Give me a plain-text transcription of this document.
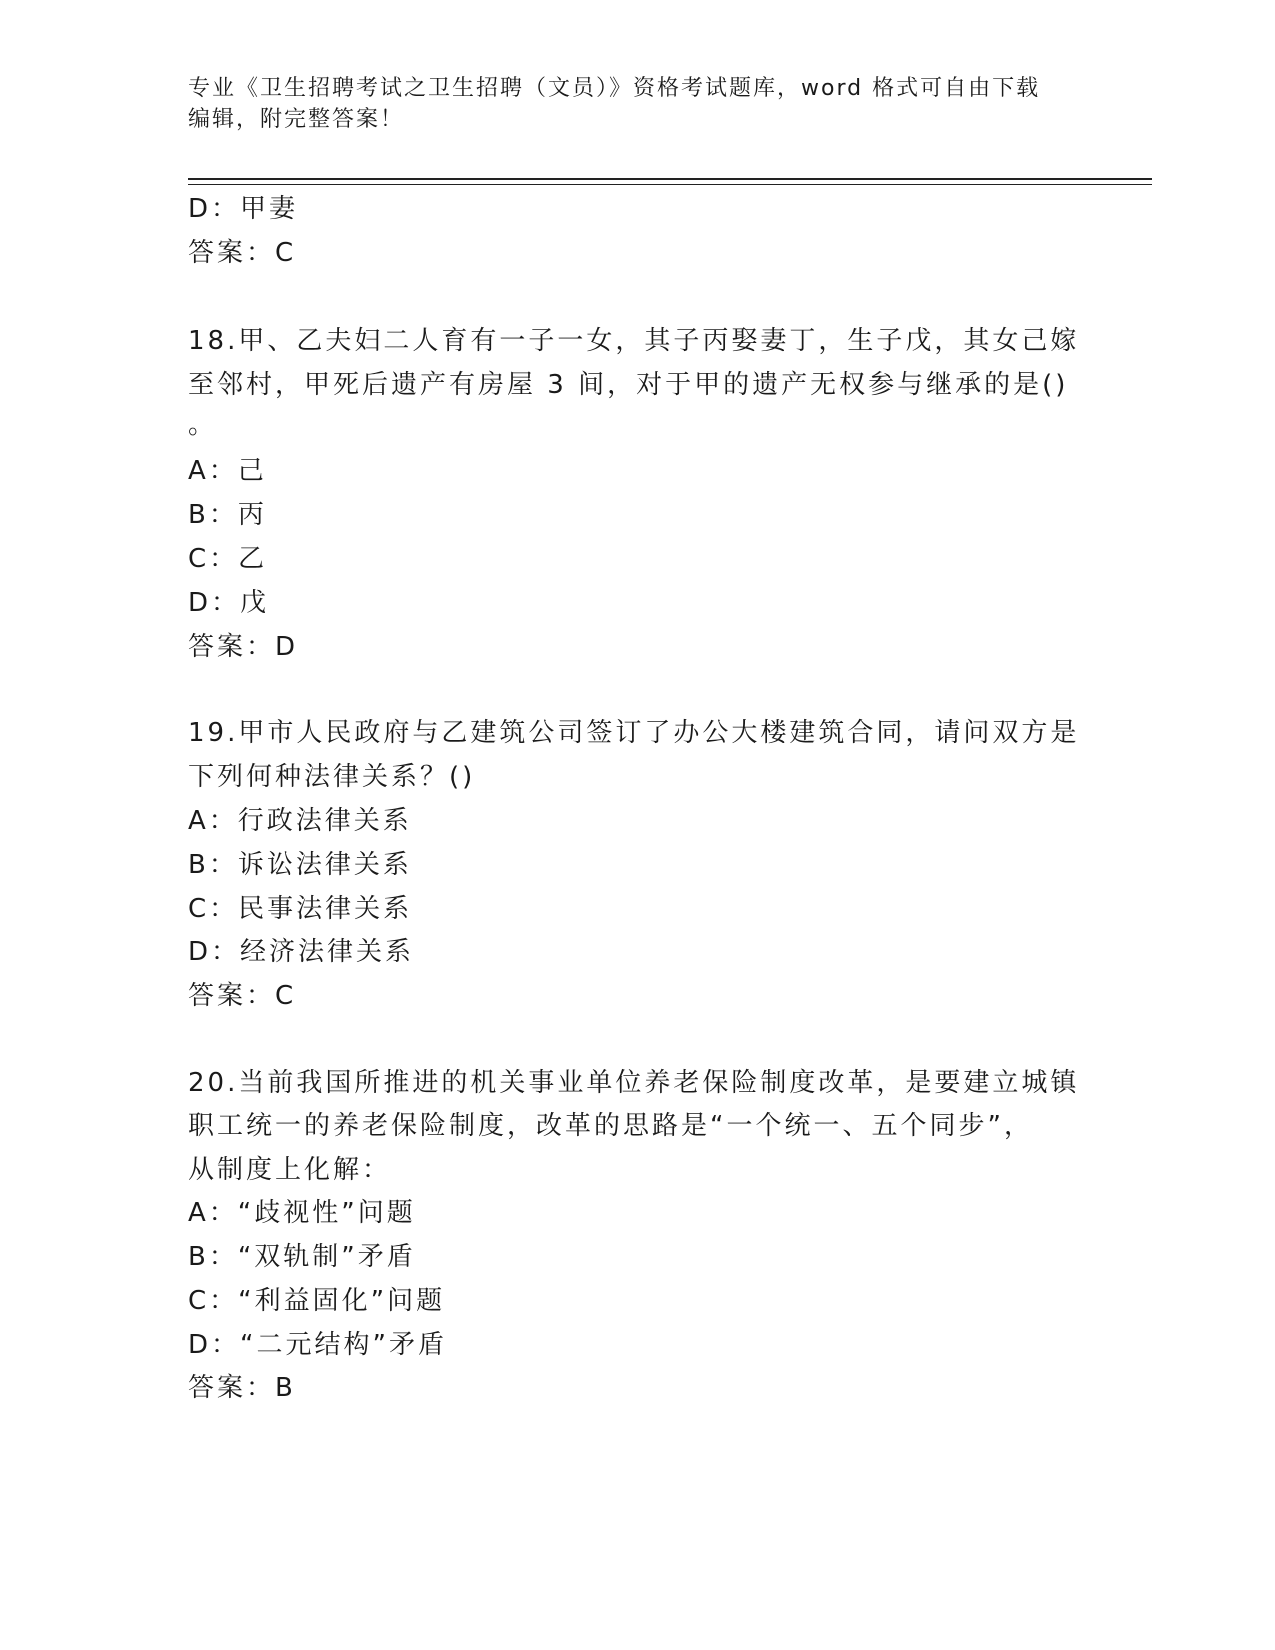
专业《卫生招聘考试之卫生招聘（文员）》资格考试题库，word 格式可自由下载
编辑，附完整答案！
D：甲妻
答案：C
18.甲、乙夫妇二人育有一子一女，其子丙娶妻丁，生子戊，其女己嫁
至邻村，甲死后遗产有房屋 3 间，对于甲的遗产无权参与继承的是()
。
A：己
B：丙
C：乙
D：戊
答案：D
19.甲市人民政府与乙建筑公司签订了办公大楼建筑合同，请问双方是
下列何种法律关系？()
A：行政法律关系
B：诉讼法律关系
C：民事法律关系
D：经济法律关系
答案：C
20.当前我国所推进的机关事业单位养老保险制度改革，是要建立城镇
职工统一的养老保险制度，改革的思路是“一个统一、五个同步”，
从制度上化解：
A：“歧视性”问题
B：“双轨制”矛盾
C：“利益固化”问题
D：“二元结构”矛盾
答案：B
